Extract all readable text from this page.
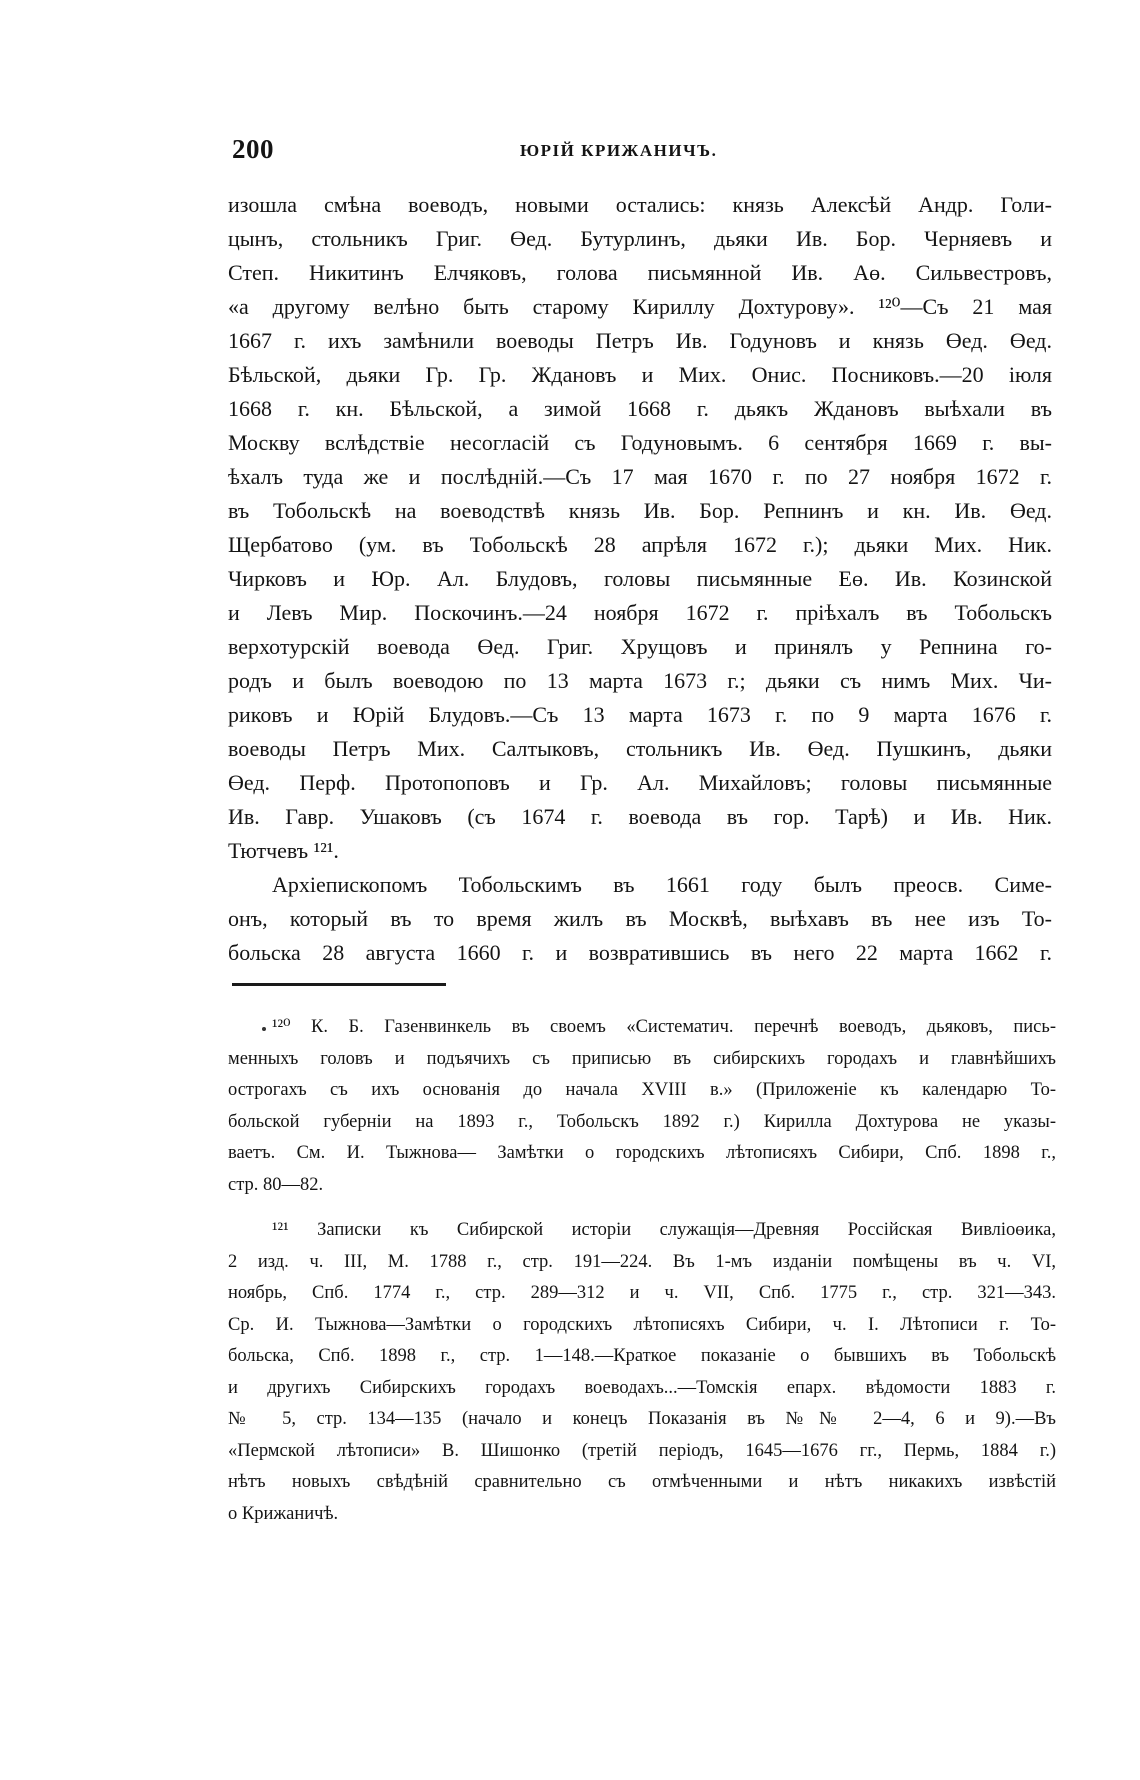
200	ЮРІЙ КРИЖАНИЧЪ.
изошла смѣна воеводъ, новыми остались: князь Алексѣй Андр. Голи-
цынъ, стольникъ Григ. Өед. Бутурлинъ, дьяки Ив. Бор. Черняевъ и
Степ. Никитинъ Елчяковъ, голова письмянной Ив. Аө. Сильвестровъ,
«а другому велѣно быть старому Кириллу Дохтурову». ¹²⁰—Съ 21 мая
1667 г. ихъ замѣнили воеводы Петръ Ив. Годуновъ и князь Өед. Өед.
Бѣльской, дьяки Гр. Гр. Ждановъ и Мих. Онис. Посниковъ.—20 іюля
1668 г. кн. Бѣльской, а зимой 1668 г. дьякъ Ждановъ выѣхали въ
Москву вслѣдствіе несогласій съ Годуновымъ. 6 сентября 1669 г. вы-
ѣхалъ туда же и послѣдній.—Съ 17 мая 1670 г. по 27 ноября 1672 г.
въ Тобольскѣ на воеводствѣ князь Ив. Бор. Репнинъ и кн. Ив. Өед.
Щербатово (ум. въ Тобольскѣ 28 апрѣля 1672 г.); дьяки Мих. Ник.
Чирковъ и Юр. Ал. Блудовъ, головы письмянные Еө. Ив. Козинской
и Левъ Мир. Поскочинъ.—24 ноября 1672 г. пріѣхалъ въ Тобольскъ
верхотурскій воевода Өед. Григ. Хрущовъ и принялъ у Репнина го-
родъ и былъ воеводою по 13 марта 1673 г.; дьяки съ нимъ Мих. Чи-
риковъ и Юрій Блудовъ.—Съ 13 марта 1673 г. по 9 марта 1676 г.
воеводы Петръ Мих. Салтыковъ, стольникъ Ив. Өед. Пушкинъ, дьяки
Өед. Перф. Протопоповъ и Гр. Ал. Михайловъ; головы письмянные
Ив. Гавр. Ушаковъ (съ 1674 г. воевода въ гор. Тарѣ) и Ив. Ник.
Тютчевъ ¹²¹.
Архіепископомъ Тобольскимъ въ 1661 году былъ преосв. Симе-
онъ, который въ то время жилъ въ Москвѣ, выѣхавъ въ нее изъ То-
больска 28 августа 1660 г. и возвратившись въ него 22 марта 1662 г.
¹²⁰ К. Б. Газенвинкель въ своемъ «Систематич. перечнѣ воеводъ, дьяковъ, пись-
менныхъ головъ и подъячихъ съ приписью въ сибирскихъ городахъ и главнѣйшихъ
острогахъ съ ихъ основанія до начала XVIII в.» (Приложеніе къ календарю То-
больской губерніи на 1893 г., Тобольскъ 1892 г.) Кирилла Дохтурова не указы-
ваетъ. См. И. Тыжнова— Замѣтки о городскихъ лѣтописяхъ Сибири, Спб. 1898 г.,
стр. 80—82.
¹²¹ Записки къ Сибирской исторіи служащія—Древняя Россійская Вивліоөика,
2 изд. ч. III, М. 1788 г., стр. 191—224. Въ 1-мъ изданіи помѣщены въ ч. VI,
ноябрь, Спб. 1774 г., стр. 289—312 и ч. VII, Спб. 1775 г., стр. 321—343.
Ср. И. Тыжнова—Замѣтки о городскихъ лѣтописяхъ Сибири, ч. I. Лѣтописи г. То-
больска, Спб. 1898 г., стр. 1—148.—Краткое показаніе о бывшихъ въ Тобольскѣ
и другихъ Сибирскихъ городахъ воеводахъ...—Томскія епарх. вѣдомости 1883 г.
№ 5, стр. 134—135 (начало и конецъ Показанія въ №№ 2—4, 6 и 9).—Въ
«Пермской лѣтописи» В. Шишонко (третій періодъ, 1645—1676 гг., Пермь, 1884 г.)
нѣтъ новыхъ свѣдѣній сравнительно съ отмѣченными и нѣтъ никакихъ извѣстій
о Крижаничѣ.
